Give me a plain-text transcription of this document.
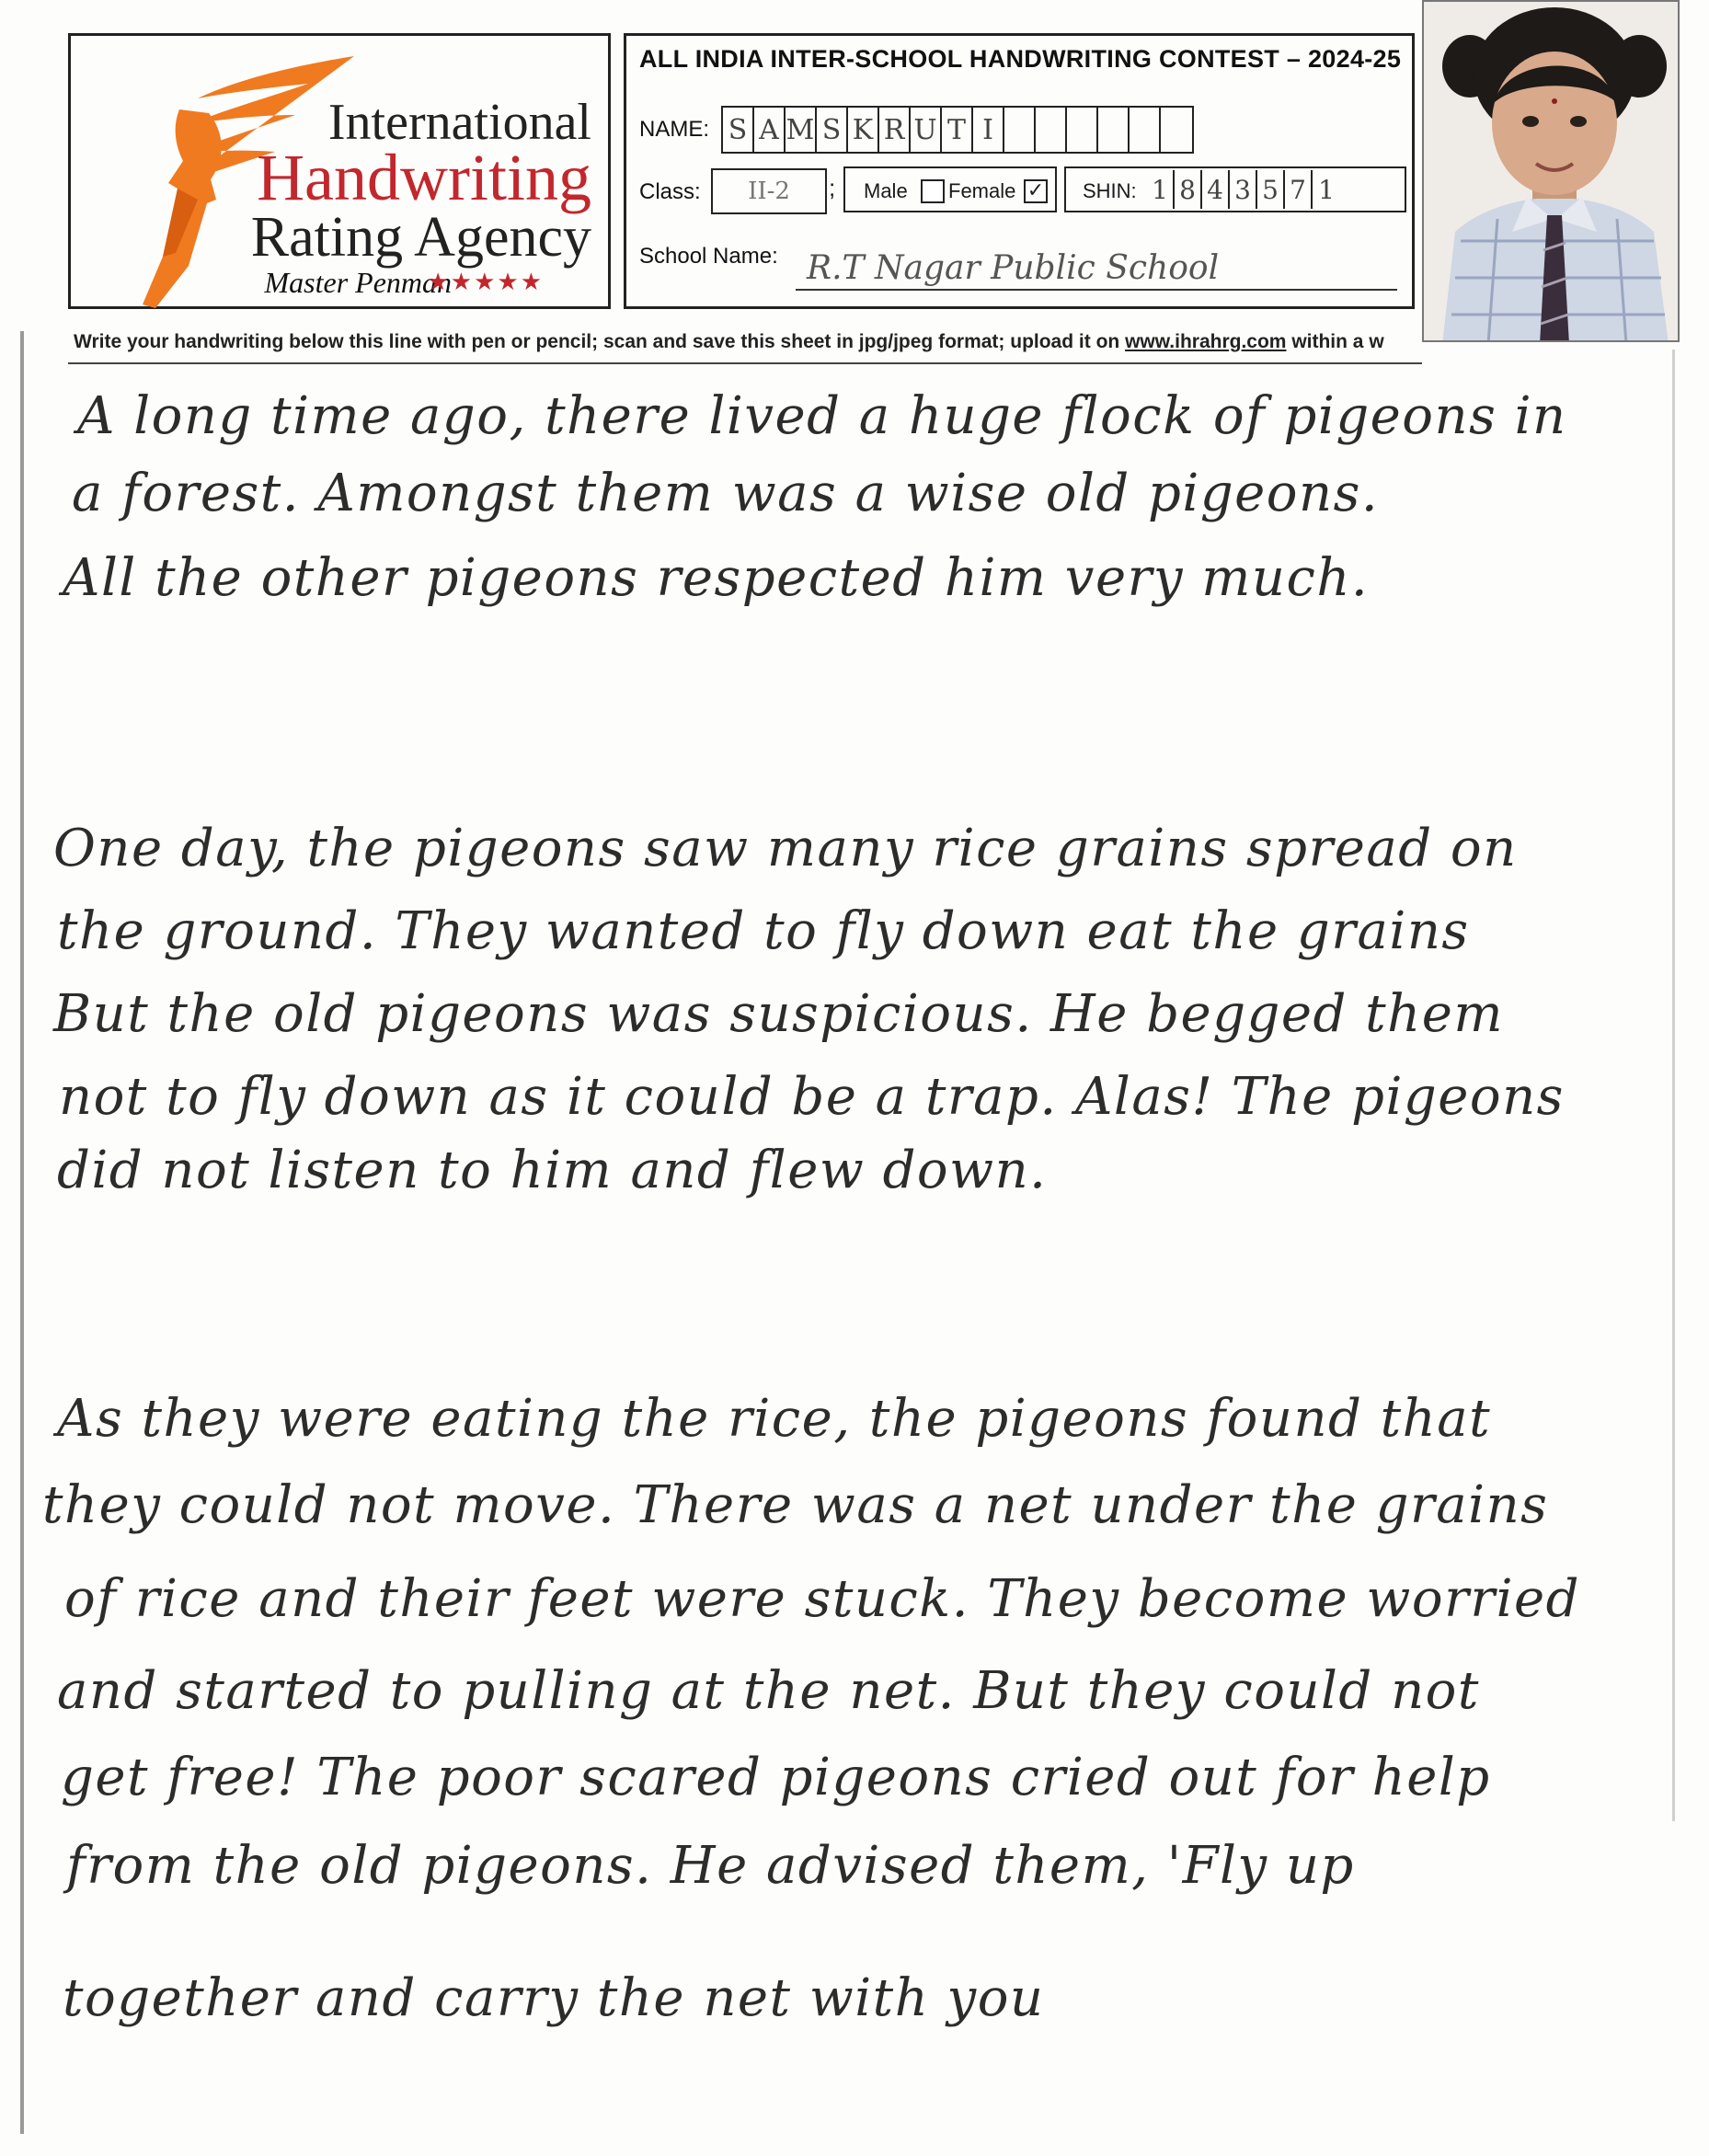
International
Handwriting
Rating Agency
Master Penman
★★★★★
ALL INDIA INTER-SCHOOL HANDWRITING CONTEST – 2024-25
NAME: S A M S K R U T I
Class:	II-2	; Male Female ✓ SHIN: 1 8 4 3 5 7 1
School Name: R.T Nagar Public School
Write your handwriting below this line with pen or pencil; scan and save this sheet in jpg/jpeg format; upload it on www.ihrahrg.com within a w
A long time ago, there lived a huge flock of pigeons in
a forest. Amongst them was a wise old pigeons.
All the other pigeons respected him very much.
One day, the pigeons saw many rice grains spread on
the ground. They wanted to fly down eat the grains
But the old pigeons was suspicious. He begged them
not to fly down as it could be a trap. Alas! The pigeons
did not listen to him and flew down.
As they were eating the rice, the pigeons found that
they could not move. There was a net under the grains
of rice and their feet were stuck. They become worried
and started to pulling at the net. But they could not
get free! The poor scared pigeons cried out for help
from the old pigeons. He advised them, 'Fly up
together and carry the net with you
